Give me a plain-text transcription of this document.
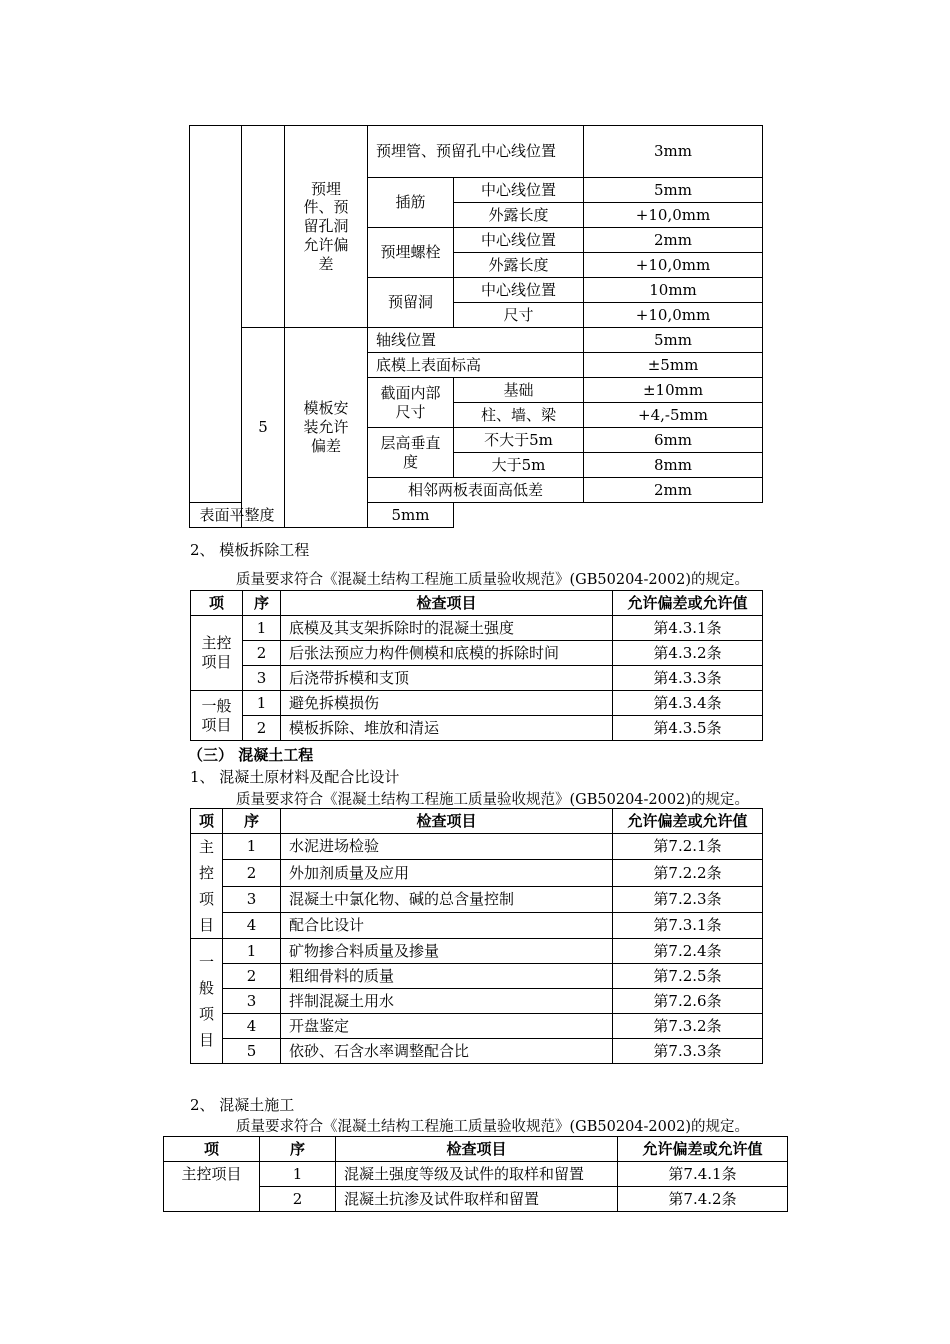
		预埋件、预留孔洞允许偏差	预埋管、预留孔中心线位置		3mm
			插筋	中心线位置	5mm
				外露长度	+10,0mm
			预埋螺栓	中心线位置	2mm
				外露长度	+10,0mm
			预留洞	中心线位置	10mm
				尺寸	+10,0mm

	5	模板安装允许偏差	轴线位置		5mm
			底模上表面标高		±5mm
			截面内部尺寸	基础	±10mm
				柱、墙、梁	+4,-5mm
			层高垂直度	不大于5m	6mm
				大于5m	8mm
			相邻两板表面高低差		2mm
表面平整度			5mm		
2、 模板拆除工程
质量要求符合《混凝土结构工程施工质量验收规范》(GB50204-2002)的规定。
项	序	检查项目	允许偏差或允许值
主控项目	1	底模及其支架拆除时的混凝土强度	第4.3.1条
	2	后张法预应力构件侧模和底模的拆除时间	第4.3.2条
	3	后浇带拆模和支顶	第4.3.3条
一般项目	1	避免拆模损伤	第4.3.4条
	2	模板拆除、堆放和清运	第4.3.5条
（三） 混凝土工程
1、 混凝土原材料及配合比设计
质量要求符合《混凝土结构工程施工质量验收规范》(GB50204-2002)的规定。
项	序	检查项目	允许偏差或允许值
主控项目	1	水泥进场检验	第7.2.1条
	2	外加剂质量及应用	第7.2.2条
	3	混凝土中氯化物、碱的总含量控制	第7.2.3条
	4	配合比设计	第7.3.1条
一般项目	1	矿物掺合料质量及掺量	第7.2.4条
	2	粗细骨料的质量	第7.2.5条
	3	拌制混凝土用水	第7.2.6条
	4	开盘鉴定	第7.3.2条
	5	依砂、石含水率调整配合比	第7.3.3条
2、 混凝土施工
质量要求符合《混凝土结构工程施工质量验收规范》(GB50204-2002)的规定。
项	序	检查项目	允许偏差或允许值
主控项目	1	混凝土强度等级及试件的取样和留置	第7.4.1条
	2	混凝土抗渗及试件取样和留置	第7.4.2条
